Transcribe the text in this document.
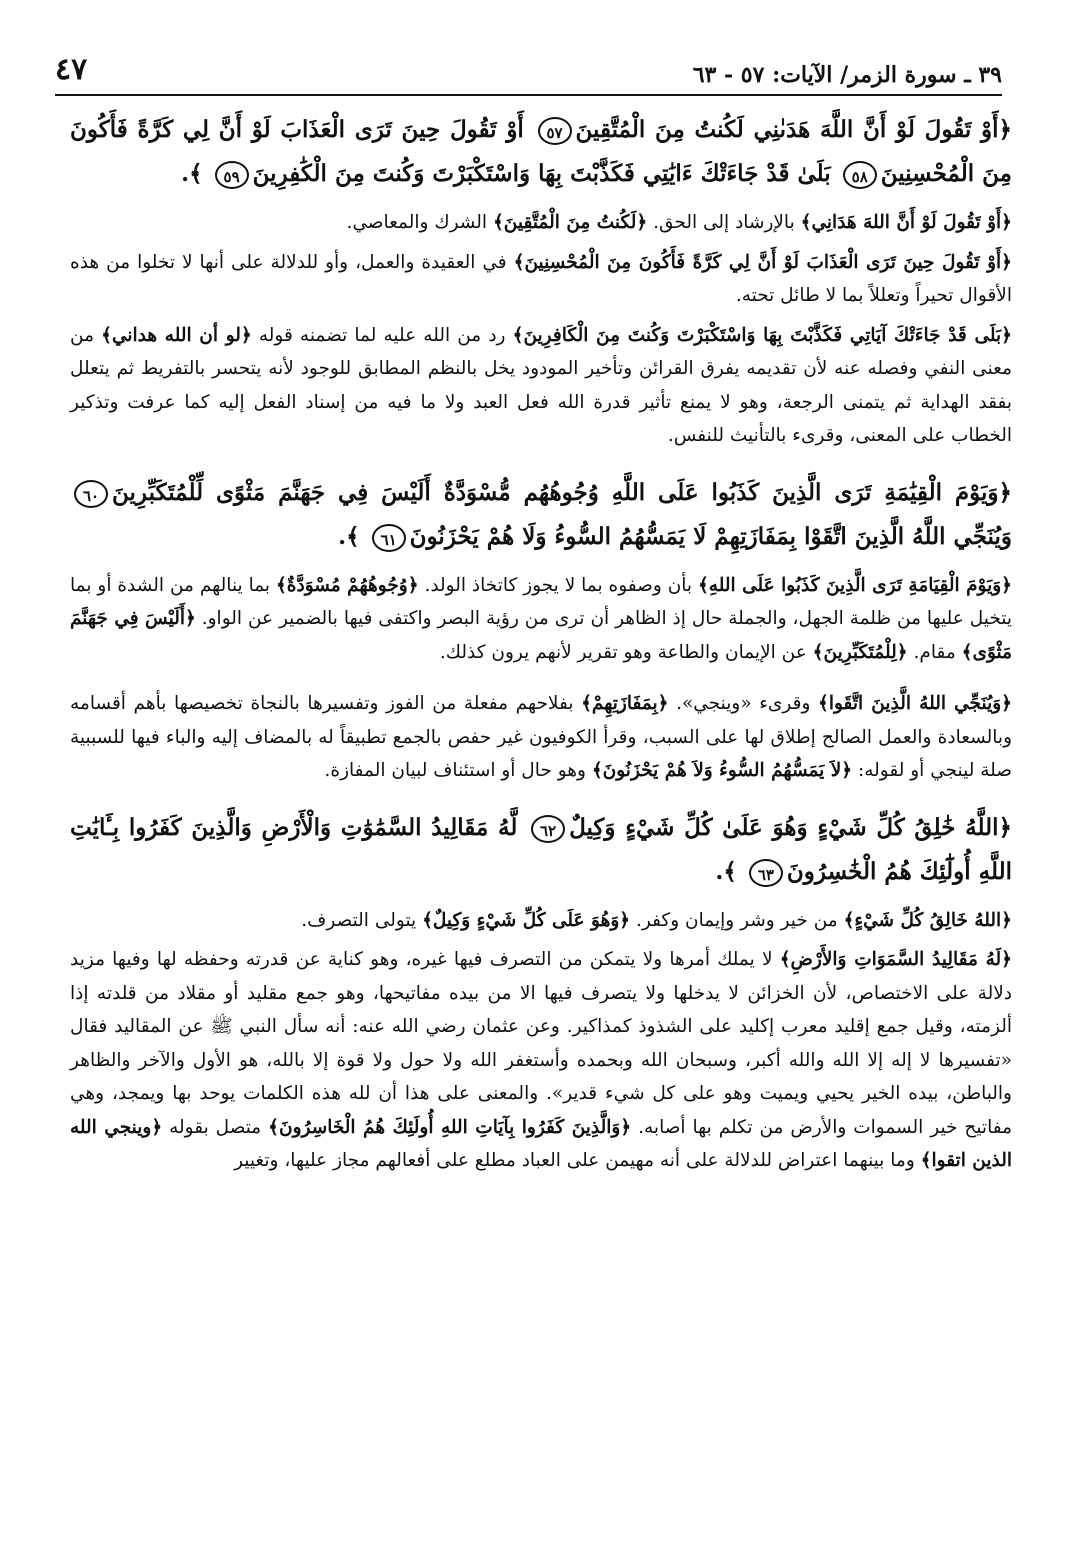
٣٩ ـ سورة الزمر/ الآيات: ٥٧ - ٦٣
٤٧

﴿أَوْ تَقُولَ لَوْ أَنَّ اللَّهَ هَدَىٰنِي لَكُنتُ مِنَ الْمُتَّقِينَ٥٧ أَوْ تَقُولَ حِينَ تَرَى الْعَذَابَ لَوْ أَنَّ لِي كَرَّةً فَأَكُونَ مِنَ الْمُحْسِنِينَ٥٨ بَلَىٰ قَدْ جَاءَتْكَ ءَايَٰتِي فَكَذَّبْتَ بِهَا وَاسْتَكْبَرْتَ وَكُنتَ مِنَ الْكَٰفِرِينَ٥٩ ﴾.

﴿أَوْ تَقُولَ لَوْ أَنَّ اللهَ هَدَانِي﴾ بالإرشاد إلى الحق. ﴿لَكُنتُ مِنَ الْمُتَّقِينَ﴾ الشرك والمعاصي.

﴿أَوْ تَقُولَ حِينَ تَرَى الْعَذَابَ لَوْ أَنَّ لِي كَرَّةً فَأَكُونَ مِنَ الْمُحْسِنِينَ﴾ في العقيدة والعمل، وأو للدلالة على أنها لا تخلوا من هذه الأقوال تحيراً وتعللاً بما لا طائل تحته.

﴿بَلَى قَدْ جَاءَتْكَ آيَاتِي فَكَذَّبْتَ بِهَا وَاسْتَكْبَرْتَ وَكُنتَ مِنَ الْكَافِرِينَ﴾ رد من الله عليه لما تضمنه قوله ﴿لو أن الله هداني﴾ من معنى النفي وفصله عنه لأن تقديمه يفرق القرائن وتأخير المودود يخل بالنظم المطابق للوجود لأنه يتحسر بالتفريط ثم يتعلل بفقد الهداية ثم يتمنى الرجعة، وهو لا يمنع تأثير قدرة الله فعل العبد ولا ما فيه من إسناد الفعل إليه كما عرفت وتذكير الخطاب على المعنى، وقرىء بالتأنيث للنفس.

﴿وَيَوْمَ الْقِيَٰمَةِ تَرَى الَّذِينَ كَذَبُوا عَلَى اللَّهِ وُجُوهُهُم مُّسْوَدَّةٌ أَلَيْسَ فِي جَهَنَّمَ مَثْوًى لِّلْمُتَكَبِّرِينَ٦٠ وَيُنَجِّي اللَّهُ الَّذِينَ اتَّقَوْا بِمَفَازَتِهِمْ لَا يَمَسُّهُمُ السُّوءُ وَلَا هُمْ يَحْزَنُونَ٦١ ﴾.

﴿وَيَوْمَ الْقِيَامَةِ تَرَى الَّذِينَ كَذَبُوا عَلَى اللهِ﴾ بأن وصفوه بما لا يجوز كاتخاذ الولد. ﴿وُجُوهُهُمْ مُسْوَدَّةٌ﴾ بما ينالهم من الشدة أو بما يتخيل عليها من ظلمة الجهل، والجملة حال إذ الظاهر أن ترى من رؤية البصر واكتفى فيها بالضمير عن الواو. ﴿أَلَيْسَ فِي جَهَنَّمَ مَثْوًى﴾ مقام. ﴿لِلْمُتَكَبِّرِينَ﴾ عن الإيمان والطاعة وهو تقرير لأنهم يرون كذلك.

﴿وَيُنَجِّي اللهُ الَّذِينَ اتَّقَوا﴾ وقرىء «وينجي». ﴿بِمَفَازَتِهِمْ﴾ بفلاحهم مفعلة من الفوز وتفسيرها بالنجاة تخصيصها بأهم أقسامه وبالسعادة والعمل الصالح إطلاق لها على السبب، وقرأ الكوفيون غير حفص بالجمع تطبيقاً له بالمضاف إليه والباء فيها للسببية صلة لينجي أو لقوله: ﴿لاَ يَمَسُّهُمُ السُّوءُ وَلاَ هُمْ يَحْزَنُونَ﴾ وهو حال أو استئناف لبيان المفازة.

﴿اللَّهُ خَٰلِقُ كُلِّ شَيْءٍ وَهُوَ عَلَىٰ كُلِّ شَيْءٍ وَكِيلٌ٦٢ لَّهُ مَقَالِيدُ السَّمَٰوَٰتِ وَالْأَرْضِ وَالَّذِينَ كَفَرُوا بِـَٔايَٰتِ اللَّهِ أُولَٰٓئِكَ هُمُ الْخَٰسِرُونَ٦٣ ﴾.

﴿اللهُ خَالِقُ كُلِّ شَيْءٍ﴾ من خير وشر وإيمان وكفر. ﴿وَهُوَ عَلَى كُلِّ شَيْءٍ وَكِيلٌ﴾ يتولى التصرف.

﴿لَهُ مَقَالِيدُ السَّمَوَاتِ وَالأَرْضِ﴾ لا يملك أمرها ولا يتمكن من التصرف فيها غيره، وهو كناية عن قدرته وحفظه لها وفيها مزيد دلالة على الاختصاص، لأن الخزائن لا يدخلها ولا يتصرف فيها الا من بيده مفاتيحها، وهو جمع مقليد أو مقلاد من قلدته إذا ألزمته، وقيل جمع إقليد معرب إكليد على الشذوذ كمذاكير. وعن عثمان رضي الله عنه: أنه سأل النبي ﷺ عن المقاليد فقال «تفسيرها لا إله إلا الله والله أكبر، وسبحان الله وبحمده وأستغفر الله ولا حول ولا قوة إلا بالله، هو الأول والآخر والظاهر والباطن، بيده الخير يحيي ويميت وهو على كل شيء قدير». والمعنى على هذا أن لله هذه الكلمات يوحد بها ويمجد، وهي مفاتيح خير السموات والأرض من تكلم بها أصابه. ﴿وَالَّذِينَ كَفَرُوا بِآيَاتِ اللهِ أُولَئِكَ هُمُ الْخَاسِرُونَ﴾ متصل بقوله ﴿وينجي الله الذين اتقوا﴾ وما بينهما اعتراض للدلالة على أنه مهيمن على العباد مطلع على أفعالهم مجاز عليها، وتغيير
